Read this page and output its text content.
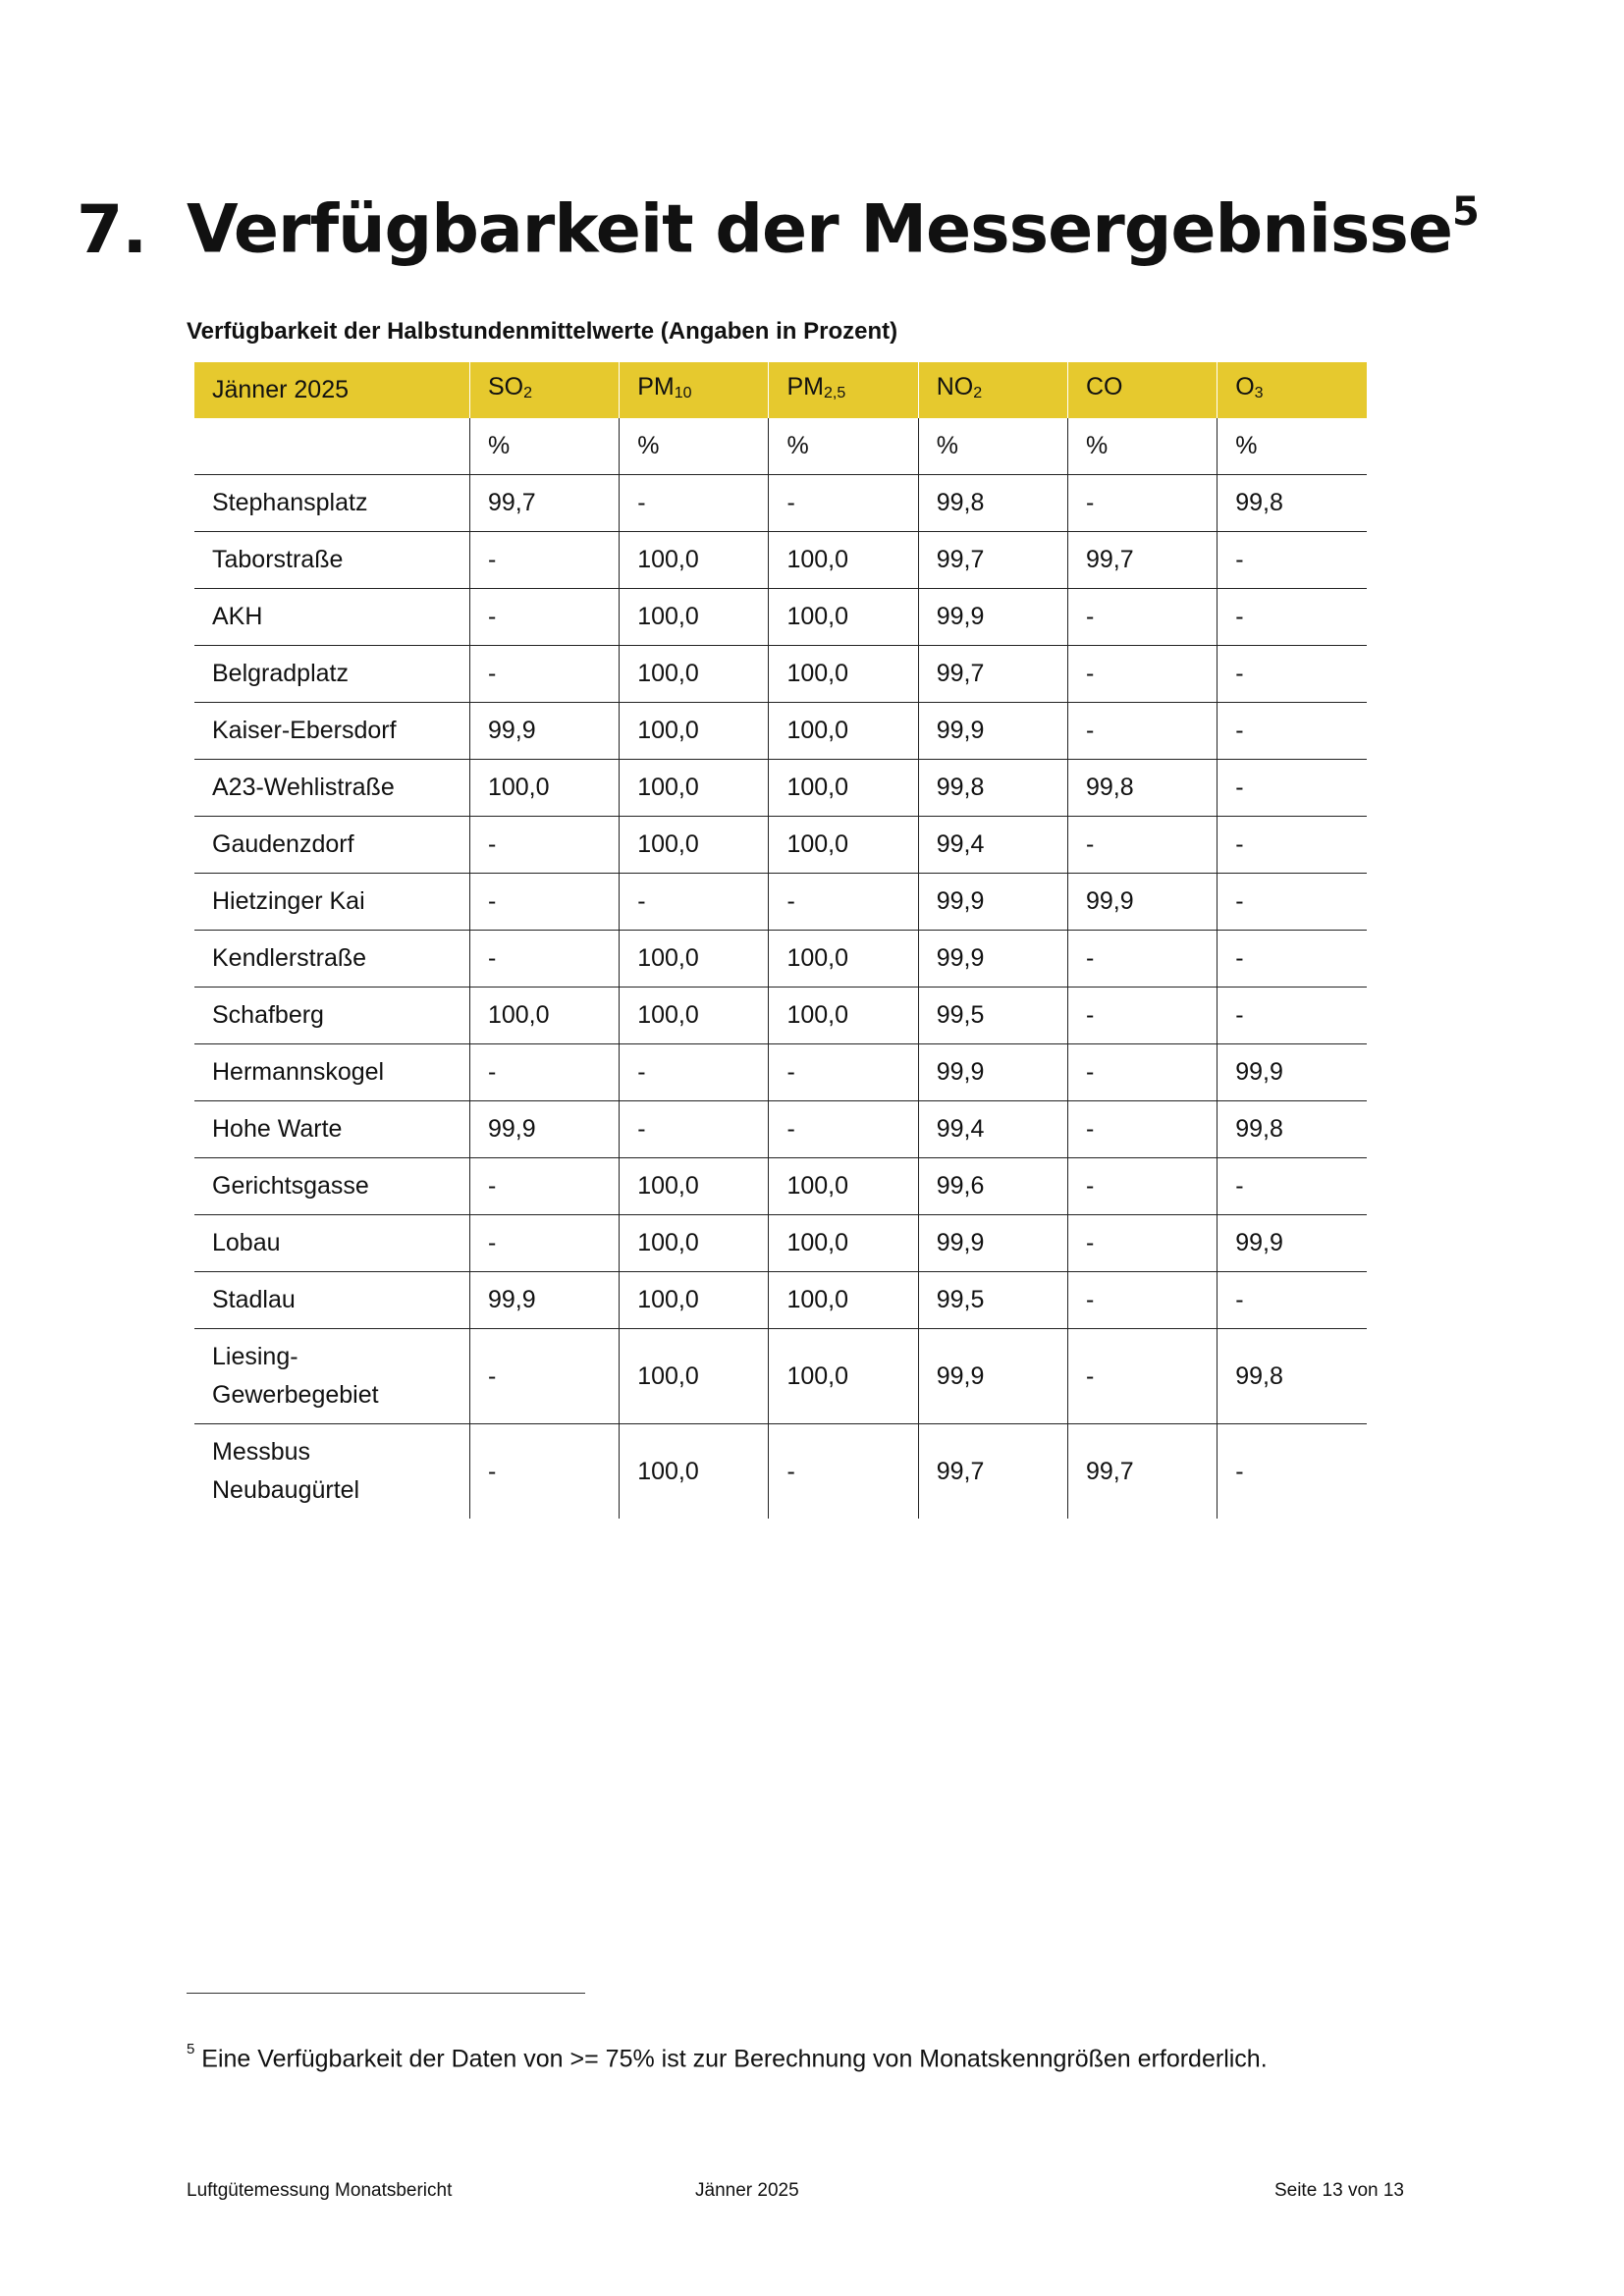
7. Verfügbarkeit der Messergebnisse$^5$
Verfügbarkeit der Halbstundenmittelwerte (Angaben in Prozent)
Jänner 2025	$SO_2$	$PM_{10}$	$PM_{2,5}$	$NO_2$	CO	$O_3$
	%	%	%	%	%	%
Stephansplatz	99,7	-	-	99,8	-	99,8
Taborstraße	-	100,0	100,0	99,7	99,7	-
AKH	-	100,0	100,0	99,9	-	-
Belgradplatz	-	100,0	100,0	99,7	-	-
Kaiser-Ebersdorf	99,9	100,0	100,0	99,9	-	-
A23-Wehlistraße	100,0	100,0	100,0	99,8	99,8	-
Gaudenzdorf	-	100,0	100,0	99,4	-	-
Hietzinger Kai	-	-	-	99,9	99,9	-
Kendlerstraße	-	100,0	100,0	99,9	-	-
Schafberg	100,0	100,0	100,0	99,5	-	-
Hermannskogel	-	-	-	99,9	-	99,9
Hohe Warte	99,9	-	-	99,4	-	99,8
Gerichtsgasse	-	100,0	100,0	99,6	-	-
Lobau	-	100,0	100,0	99,9	-	99,9
Stadlau	99,9	100,0	100,0	99,5	-	-

Liesing-
Gewerbegebiet	-	100,0	100,0	99,9	-	99,8

Messbus
Neubaugürtel	-	100,0	-	99,7	99,7	-
$^5$ Eine Verfügbarkeit der Daten von >= 75% ist zur Berechnung von Monatskenngrößen erforderlich.
Luftgütemessung Monatsbericht	Jänner 2025	Seite 13 von 13
